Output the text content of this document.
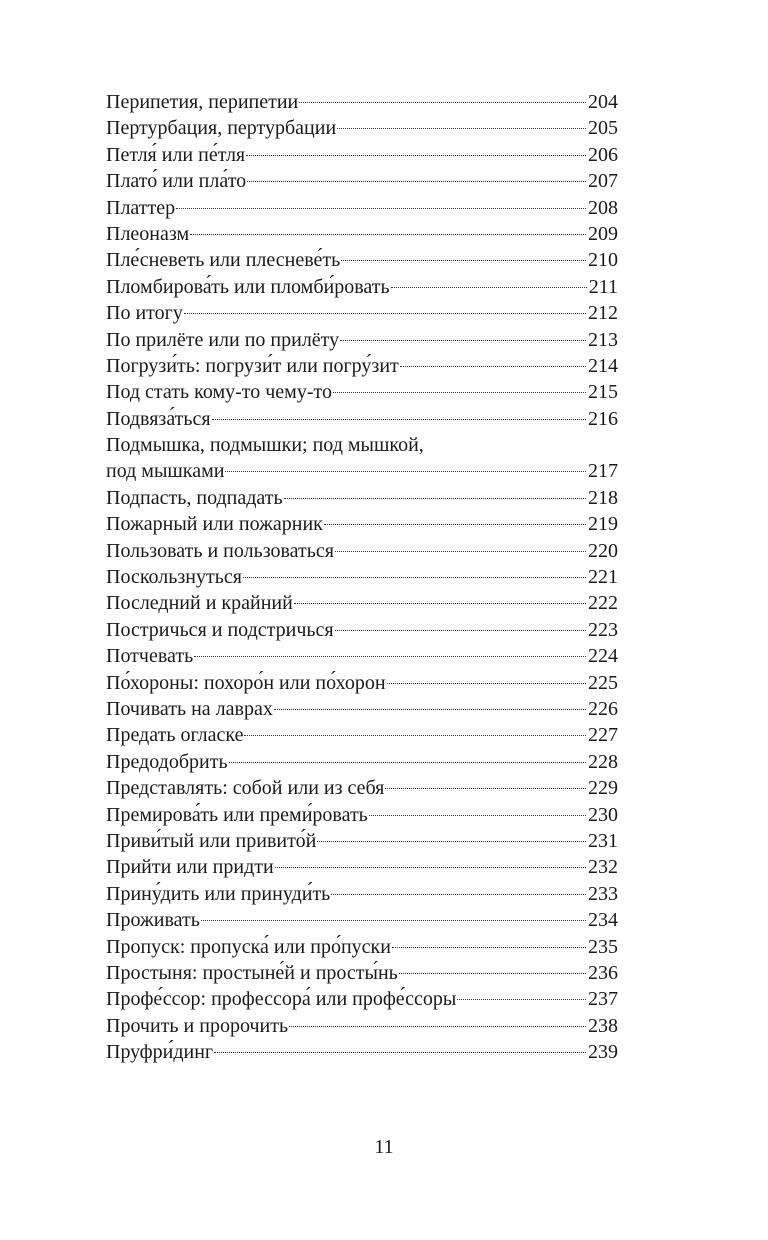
Перипетия, перипетии	204
Пертурбация, пертурбации	205
Петля́ или пе́тля	206
Плато́ или пла́то	207
Платтер	208
Плеоназм	209
Пле́сневеть или плесневе́ть	210
Пломбирова́ть или пломби́ровать	211
По итогу	212
По прилёте или по прилёту	213
Погрузи́ть: погрузи́т или погру́зит	214
Под стать кому-то чему-то	215
Подвяза́ться	216
Подмышка, подмышки; под мышкой,
под мышками	217
Подпасть, подпадать	218
Пожарный или пожарник	219
Пользовать и пользоваться	220
Поскользнуться	221
Последний и крайний	222
Постричься и подстричься	223
Потчевать	224
По́хороны: похоро́н или по́хорон	225
Почивать на лаврах	226
Предать огласке	227
Предодобрить	228
Представлять: собой или из себя	229
Премирова́ть или преми́ровать	230
Приви́тый или привито́й	231
Прийти или придти	232
Прину́дить или принуди́ть	233
Проживать	234
Пропуск: пропуска́ или про́пуски	235
Простыня: простыне́й и просты́нь	236
Профе́ссор: профессора́ или профе́ссоры	237
Прочить и пророчить	238
Пруфри́динг	239
11
